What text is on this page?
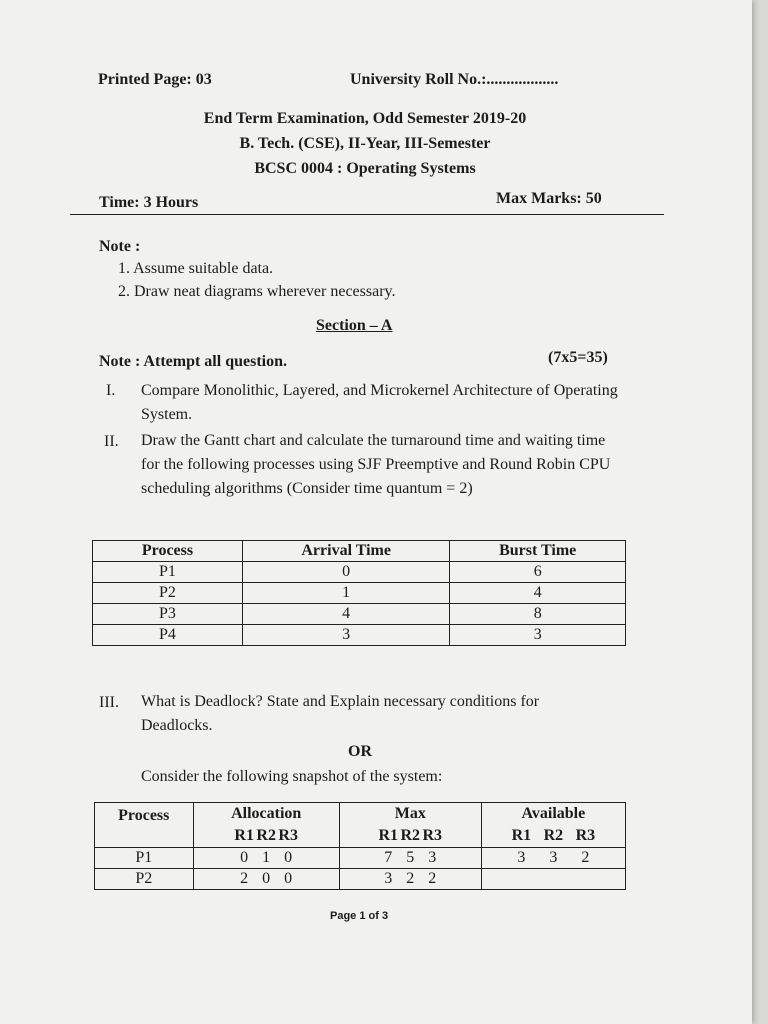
Printed Page: 03	University Roll No.:..................
End Term Examination, Odd Semester 2019-20
B. Tech. (CSE), II-Year, III-Semester
BCSC 0004 : Operating Systems
Time: 3 Hours	Max Marks: 50
Note :
1. Assume suitable data.
2. Draw neat diagrams wherever necessary.
Section – A
Note : Attempt all question.	(7x5=35)
I. Compare Monolithic, Layered, and Microkernel Architecture of Operating System.
II. Draw the Gantt chart and calculate the turnaround time and waiting time for the following processes using SJF Preemptive and Round Robin CPU scheduling algorithms (Consider time quantum = 2)
Process	Arrival Time	Burst Time
P1	0	6
P2	1	4
P3	4	8
P4	3	3
III. What is Deadlock? State and Explain necessary conditions for Deadlocks.
OR
Consider the following snapshot of the system:
Process	Allocation	Max	Available
	R1 R2 R3	R1 R2 R3	R1 R2 R3
P1	0 1 0	7 5 3	3 3 2
P2	2 0 0	3 2 2	
Page 1 of 3
